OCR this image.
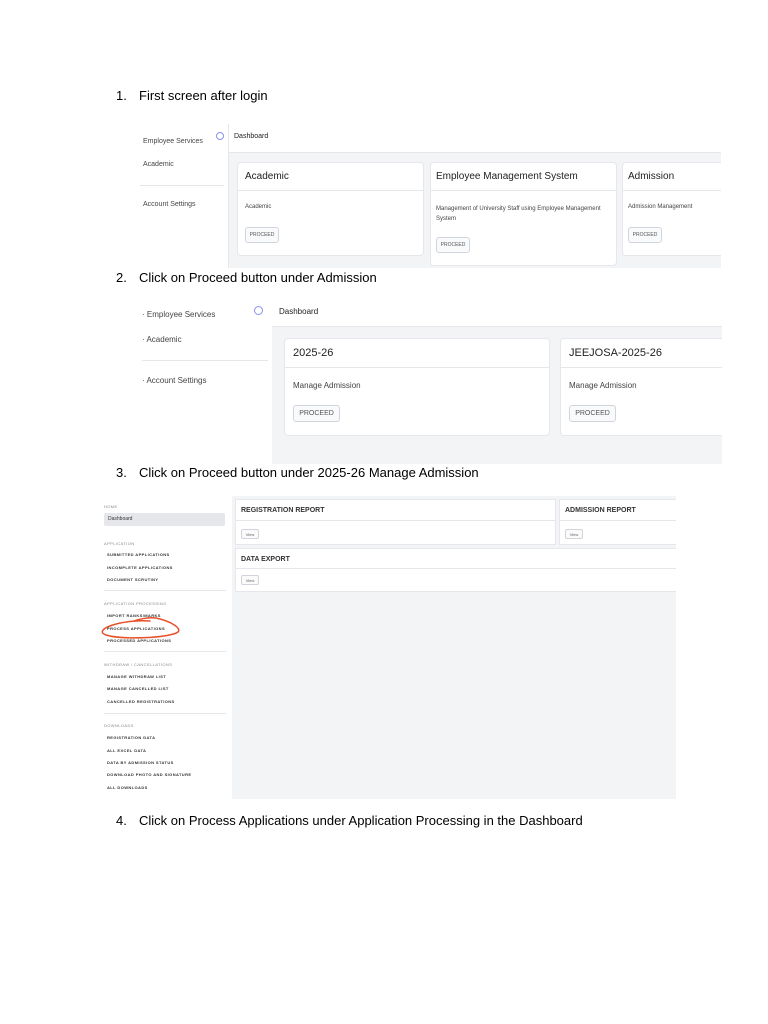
1. First screen after login
2. Click on Proceed button under Admission
3. Click on Proceed button under 2025-26 Manage Admission
4. Click on Process Applications under Application Processing in the Dashboard
Employee Services
Academic
Account Settings
Dashboard
Academic
Academic
PROCEED
Employee Management System
Management of University Staff using Employee Management System
PROCEED
Admission
Admission Management
PROCEED
· Employee Services
· Academic
· Account Settings
Dashboard
2025-26
Manage Admission
PROCEED
JEEJOSA-2025-26
Manage Admission
PROCEED
HOME
Dashboard
APPLICATION
SUBMITTED APPLICATIONS
INCOMPLETE APPLICATIONS
DOCUMENT SCRUTINY
APPLICATION PROCESSING
IMPORT RANKS/MARKS
PROCESS APPLICATIONS
PROCESSED APPLICATIONS
WITHDRAW / CANCELLATIONS
MANAGE WITHDRAW LIST
MANAGE CANCELLED LIST
CANCELLED REGISTRATIONS
DOWNLOADS
REGISTRATION DATA
ALL EXCEL DATA
DATA BY ADMISSION STATUS
DOWNLOAD PHOTO AND SIGNATURE
ALL DOWNLOADS
REGISTRATION REPORT
View
ADMISSION REPORT
View
DATA EXPORT
View
